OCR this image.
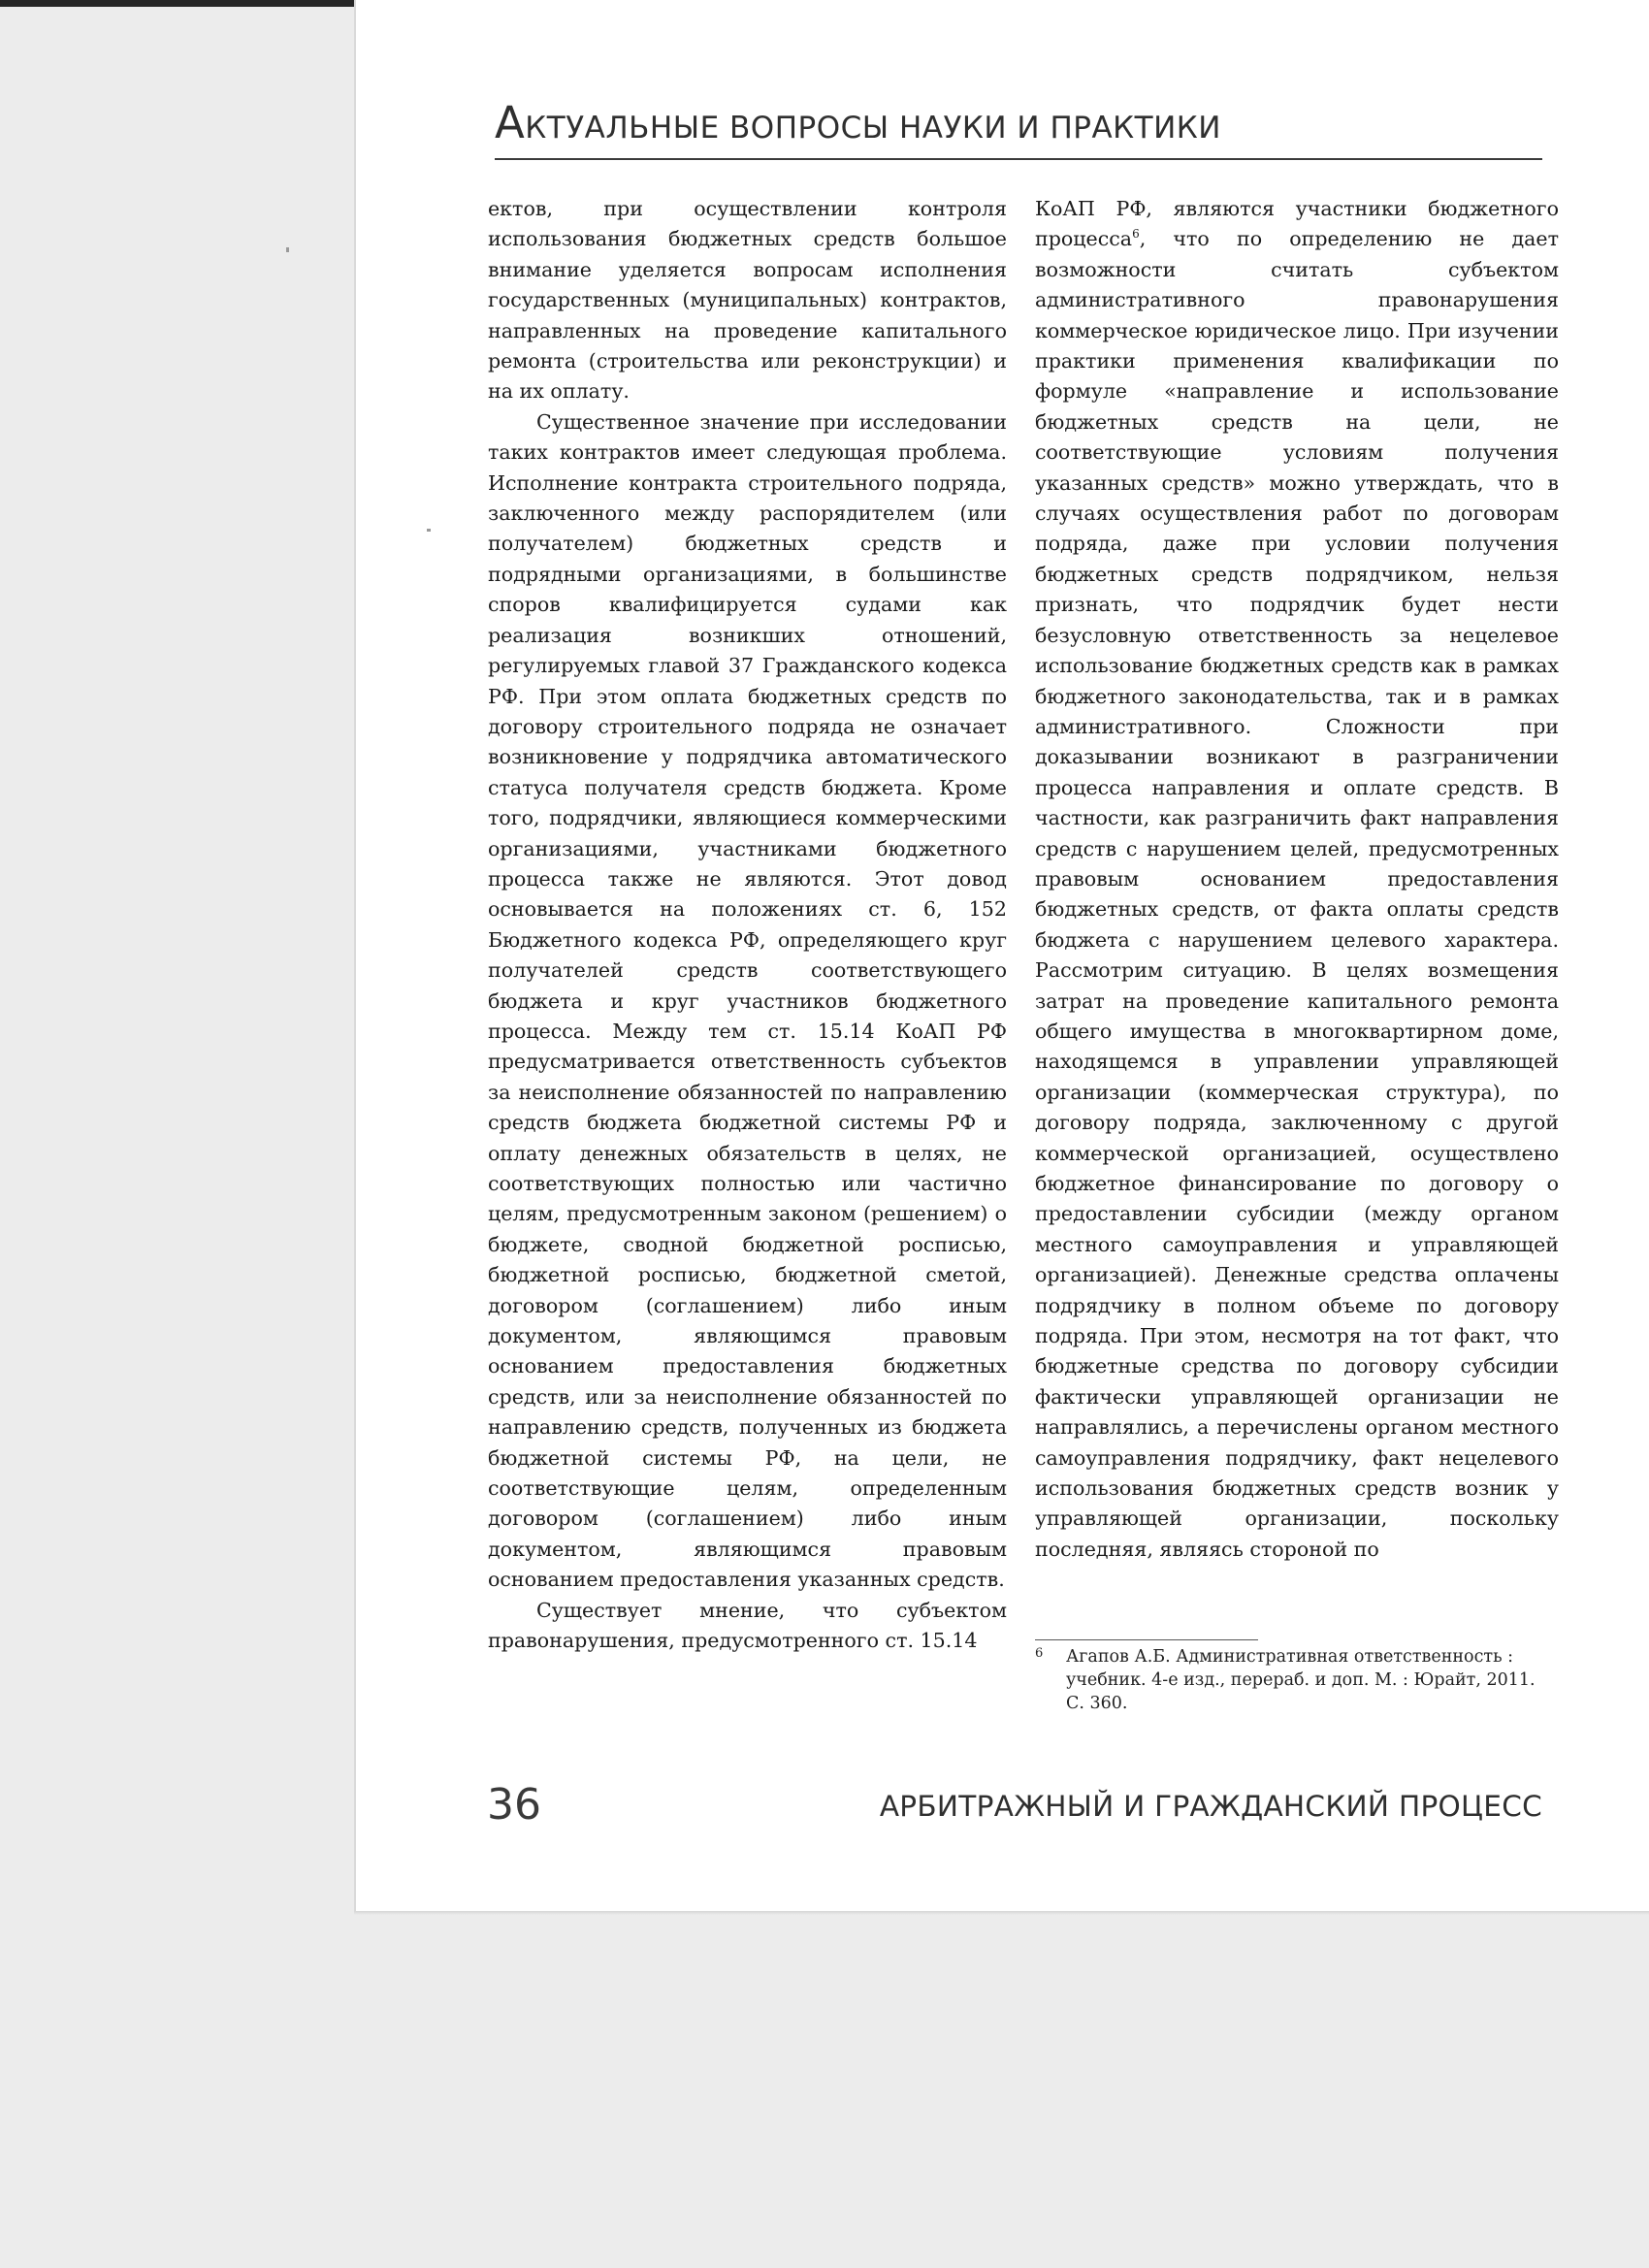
АКТУАЛЬНЫЕ ВОПРОСЫ НАУКИ И ПРАКТИКИ

ектов, при осуществлении контроля использования бюджетных средств большое внимание уделяется вопросам исполнения государственных (муниципальных) контрактов, направленных на проведение капитального ремонта (строительства или реконструкции) и на их оплату.

Существенное значение при исследовании таких контрактов имеет следующая проблема. Исполнение контракта строительного подряда, заключенного между распорядителем (или получателем) бюджетных средств и подрядными организациями, в большинстве споров квалифицируется судами как реализация возникших отношений, регулируемых главой 37 Гражданского кодекса РФ. При этом оплата бюджетных средств по договору строительного подряда не означает возникновение у подрядчика автоматического статуса получателя средств бюджета. Кроме того, подрядчики, являющиеся коммерческими организациями, участниками бюджетного процесса также не являются. Этот довод основывается на положениях ст. 6, 152 Бюджетного кодекса РФ, определяющего круг получателей средств соответствующего бюджета и круг участников бюджетного процесса. Между тем ст. 15.14 КоАП РФ предусматривается ответственность субъектов за неисполнение обязанностей по направлению средств бюджета бюджетной системы РФ и оплату денежных обязательств в целях, не соответствующих полностью или частично целям, предусмотренным законом (решением) о бюджете, сводной бюджетной росписью, бюджетной росписью, бюджетной сметой, договором (соглашением) либо иным документом, являющимся правовым основанием предоставления бюджетных средств, или за неисполнение обязанностей по направлению средств, полученных из бюджета бюджетной системы РФ, на цели, не соответствующие целям, определенным договором (соглашением) либо иным документом, являющимся правовым основанием предоставления указанных средств.

Существует мнение, что субъектом правонарушения, предусмотренного ст. 15.14

КоАП РФ, являются участники бюджетного процесса$^6$, что по определению не дает возможности считать субъектом административного правонарушения коммерческое юридическое лицо. При изучении практики применения квалификации по формуле «направление и использование бюджетных средств на цели, не соответствующие условиям получения указанных средств» можно утверждать, что в случаях осуществления работ по договорам подряда, даже при условии получения бюджетных средств подрядчиком, нельзя признать, что подрядчик будет нести безусловную ответственность за нецелевое использование бюджетных средств как в рамках бюджетного законодательства, так и в рамках административного. Сложности при доказывании возникают в разграничении процесса направления и оплате средств. В частности, как разграничить факт направления средств с нарушением целей, предусмотренных правовым основанием предоставления бюджетных средств, от факта оплаты средств бюджета с нарушением целевого характера. Рассмотрим ситуацию. В целях возмещения затрат на проведение капитального ремонта общего имущества в многоквартирном доме, находящемся в управлении управляющей организации (коммерческая структура), по договору подряда, заключенному с другой коммерческой организацией, осуществлено бюджетное финансирование по договору о предоставлении субсидии (между органом местного самоуправления и управляющей организацией). Денежные средства оплачены подрядчику в полном объеме по договору подряда. При этом, несмотря на тот факт, что бюджетные средства по договору субсидии фактически управляющей организации не направлялись, а перечислены органом местного самоуправления подрядчику, факт нецелевого использования бюджетных средств возник у управляющей организации, поскольку последняя, являясь стороной по

6	Агапов А.Б. Административная ответственность : учебник. 4-е изд., перераб. и доп. М. : Юрайт, 2011. С. 360.
36	АРБИТРАЖНЫЙ И ГРАЖДАНСКИЙ ПРОЦЕСС
